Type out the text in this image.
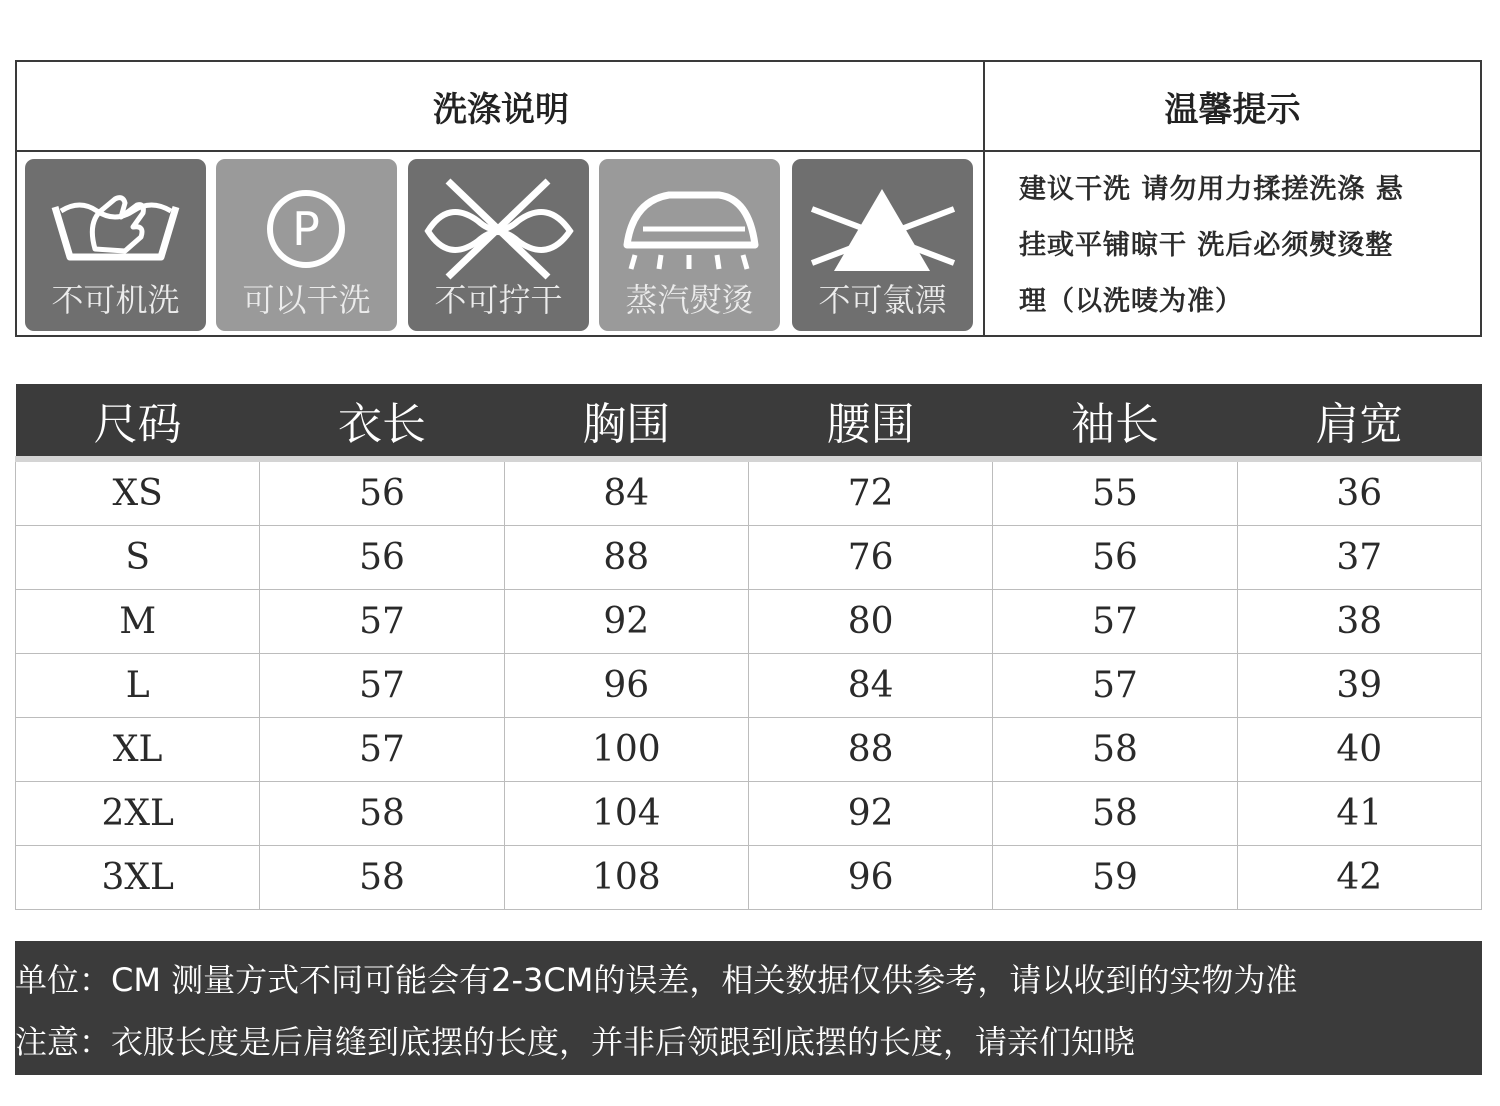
洗涤说明	温馨提示
不可机洗
P
可以干洗	不可拧干	蒸汽熨烫	不可氯漂
建议干洗 请勿用力揉搓洗涤 悬
挂或平铺晾干 洗后必须熨烫整
理（以洗唛为准）
尺码	衣长	胸围	腰围	袖长	肩宽
XS	56	84	72	55	36
S	56	88	76	56	37
M	57	92	80	57	38
L	57	96	84	57	39
XL	57	100	88	58	40
2XL	58	104	92	58	41
3XL	58	108	96	59	42
单位：CM 测量方式不同可能会有2-3CM的误差，相关数据仅供参考，请以收到的实物为准
注意：衣服长度是后肩缝到底摆的长度，并非后领跟到底摆的长度，请亲们知晓
